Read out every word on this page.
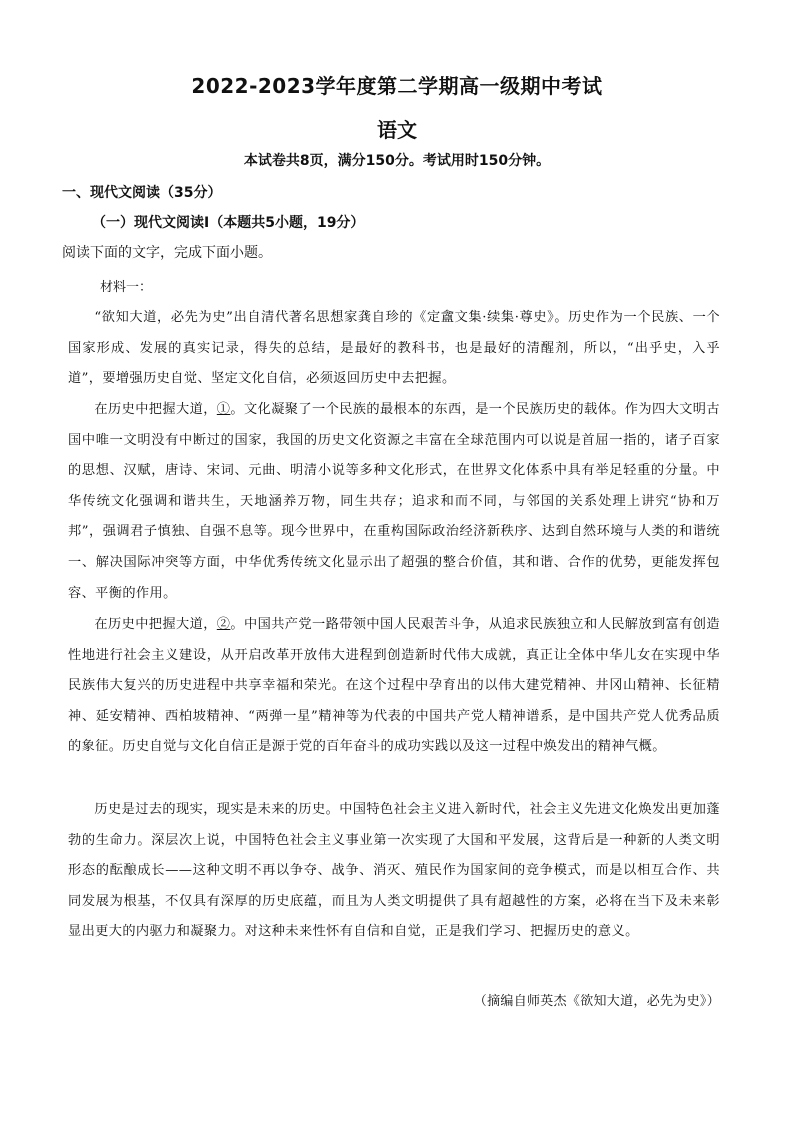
2022-2023学年度第二学期高一级期中考试
语文
本试卷共8页，满分150分。考试用时150分钟。
一、现代文阅读（35分）
（一）现代文阅读Ⅰ（本题共5小题，19分）
阅读下面的文字，完成下面小题。
材料一：
“欲知大道，必先为史”出自清代著名思想家龚自珍的《定盦文集·续集·尊史》。历史作为一个民族、一个国家形成、发展的真实记录，得失的总结，是最好的教科书，也是最好的清醒剂，所以，“出乎史，入乎道”，要增强历史自觉、坚定文化自信，必须返回历史中去把握。
在历史中把握大道，①。文化凝聚了一个民族的最根本的东西，是一个民族历史的载体。作为四大文明古国中唯一文明没有中断过的国家，我国的历史文化资源之丰富在全球范围内可以说是首屈一指的，诸子百家的思想、汉赋，唐诗、宋词、元曲、明清小说等多种文化形式，在世界文化体系中具有举足轻重的分量。中华传统文化强调和谐共生，天地涵养万物，同生共存；追求和而不同，与邻国的关系处理上讲究“协和万邦”，强调君子慎独、自强不息等。现今世界中，在重构国际政治经济新秩序、达到自然环境与人类的和谐统一、解决国际冲突等方面，中华优秀传统文化显示出了超强的整合价值，其和谐、合作的优势，更能发挥包容、平衡的作用。
在历史中把握大道，②。中国共产党一路带领中国人民艰苦斗争，从追求民族独立和人民解放到富有创造性地进行社会主义建设，从开启改革开放伟大进程到创造新时代伟大成就，真正让全体中华儿女在实现中华民族伟大复兴的历史进程中共享幸福和荣光。在这个过程中孕育出的以伟大建党精神、井冈山精神、长征精神、延安精神、西柏坡精神、“两弹一星”精神等为代表的中国共产党人精神谱系，是中国共产党人优秀品质的象征。历史自觉与文化自信正是源于党的百年奋斗的成功实践以及这一过程中焕发出的精神气概。
历史是过去的现实，现实是未来的历史。中国特色社会主义进入新时代，社会主义先进文化焕发出更加蓬勃的生命力。深层次上说，中国特色社会主义事业第一次实现了大国和平发展，这背后是一种新的人类文明形态的酝酿成长——这种文明不再以争夺、战争、消灭、殖民作为国家间的竞争模式，而是以相互合作、共同发展为根基，不仅具有深厚的历史底蕴，而且为人类文明提供了具有超越性的方案，必将在当下及未来彰显出更大的内驱力和凝聚力。对这种未来性怀有自信和自觉，正是我们学习、把握历史的意义。
（摘编自师英杰《欲知大道，必先为史》）
